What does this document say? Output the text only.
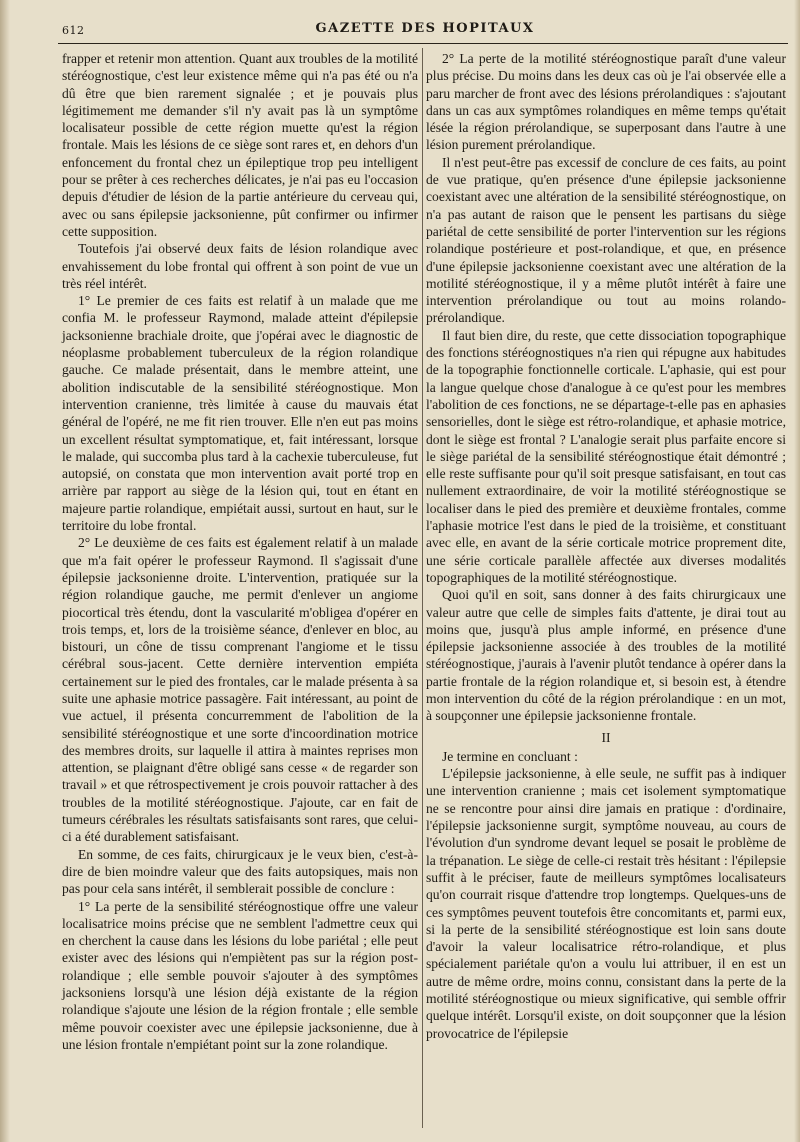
612	GAZETTE DES HOPITAUX

frapper et retenir mon attention. Quant aux troubles de la motilité stéréognostique, c'est leur existence même qui n'a pas été ou n'a dû être que bien rarement signalée ; et je pouvais plus légitimement me demander s'il n'y avait pas là un symptôme localisateur possible de cette région muette qu'est la région frontale. Mais les lésions de ce siège sont rares et, en dehors d'un enfoncement du frontal chez un épileptique trop peu intelligent pour se prêter à ces recherches délicates, je n'ai pas eu l'occasion depuis d'étudier de lésion de la partie antérieure du cerveau qui, avec ou sans épilepsie jacksonienne, pût confirmer ou infirmer cette supposition.

Toutefois j'ai observé deux faits de lésion rolandique avec envahissement du lobe frontal qui offrent à son point de vue un très réel intérêt.

1° Le premier de ces faits est relatif à un malade que me confia M. le professeur Raymond, malade atteint d'épilepsie jacksonienne brachiale droite, que j'opérai avec le diagnostic de néoplasme probablement tuberculeux de la région rolandique gauche. Ce malade présentait, dans le membre atteint, une abolition indiscutable de la sensibilité stéréognostique. Mon intervention cranienne, très limitée à cause du mauvais état général de l'opéré, ne me fit rien trouver. Elle n'en eut pas moins un excellent résultat symptomatique, et, fait intéressant, lorsque le malade, qui succomba plus tard à la cachexie tuberculeuse, fut autopsié, on constata que mon intervention avait porté trop en arrière par rapport au siège de la lésion qui, tout en étant en majeure partie rolandique, empiétait aussi, surtout en haut, sur le territoire du lobe frontal.

2° Le deuxième de ces faits est également relatif à un malade que m'a fait opérer le professeur Raymond. Il s'agissait d'une épilepsie jacksonienne droite. L'intervention, pratiquée sur la région rolandique gauche, me permit d'enlever un angiome piocortical très étendu, dont la vascularité m'obligea d'opérer en trois temps, et, lors de la troisième séance, d'enlever en bloc, au bistouri, un cône de tissu comprenant l'angiome et le tissu cérébral sous-jacent. Cette dernière intervention empiéta certainement sur le pied des frontales, car le malade présenta à sa suite une aphasie motrice passagère. Fait intéressant, au point de vue actuel, il présenta concurremment de l'abolition de la sensibilité stéréognostique et une sorte d'incoordination motrice des membres droits, sur laquelle il attira à maintes reprises mon attention, se plaignant d'être obligé sans cesse « de regarder son travail » et que rétrospectivement je crois pouvoir rattacher à des troubles de la motilité stéréognostique. J'ajoute, car en fait de tumeurs cérébrales les résultats satisfaisants sont rares, que celui-ci a été durablement satisfaisant.

En somme, de ces faits, chirurgicaux je le veux bien, c'est-à-dire de bien moindre valeur que des faits autopsiques, mais non pas pour cela sans intérêt, il semblerait possible de conclure :

1° La perte de la sensibilité stéréognostique offre une valeur localisatrice moins précise que ne semblent l'admettre ceux qui en cherchent la cause dans les lésions du lobe pariétal ; elle peut exister avec des lésions qui n'empiètent pas sur la région post-rolandique ; elle semble pouvoir s'ajouter à des symptômes jacksoniens lorsqu'à une lésion déjà existante de la région rolandique s'ajoute une lésion de la région frontale ; elle semble même pouvoir coexister avec une épilepsie jacksonienne, due à une lésion frontale n'empiétant point sur la zone rolandique.

2° La perte de la motilité stéréognostique paraît d'une valeur plus précise. Du moins dans les deux cas où je l'ai observée elle a paru marcher de front avec des lésions prérolandiques : s'ajoutant dans un cas aux symptômes rolandiques en même temps qu'était lésée la région prérolandique, se superposant dans l'autre à une lésion purement prérolandique.

Il n'est peut-être pas excessif de conclure de ces faits, au point de vue pratique, qu'en présence d'une épilepsie jacksonienne coexistant avec une altération de la sensibilité stéréognostique, on n'a pas autant de raison que le pensent les partisans du siège pariétal de cette sensibilité de porter l'intervention sur les régions rolandique postérieure et post-rolandique, et que, en présence d'une épilepsie jacksonienne coexistant avec une altération de la motilité stéréognostique, il y a même plutôt intérêt à faire une intervention prérolandique ou tout au moins rolando-prérolandique.

Il faut bien dire, du reste, que cette dissociation topographique des fonctions stéréognostiques n'a rien qui répugne aux habitudes de la topographie fonctionnelle corticale. L'aphasie, qui est pour la langue quelque chose d'analogue à ce qu'est pour les membres l'abolition de ces fonctions, ne se départage-t-elle pas en aphasies sensorielles, dont le siège est rétro-rolandique, et aphasie motrice, dont le siège est frontal ? L'analogie serait plus parfaite encore si le siège pariétal de la sensibilité stéréognostique était démontré ; elle reste suffisante pour qu'il soit presque satisfaisant, en tout cas nullement extraordinaire, de voir la motilité stéréognostique se localiser dans le pied des première et deuxième frontales, comme l'aphasie motrice l'est dans le pied de la troisième, et constituant avec elle, en avant de la série corticale motrice proprement dite, une série corticale parallèle affectée aux diverses modalités topographiques de la motilité stéréognostique.

Quoi qu'il en soit, sans donner à des faits chirurgicaux une valeur autre que celle de simples faits d'attente, je dirai tout au moins que, jusqu'à plus ample informé, en présence d'une épilepsie jacksonienne associée à des troubles de la motilité stéréognostique, j'aurais à l'avenir plutôt tendance à opérer dans la partie frontale de la région rolandique et, si besoin est, à étendre mon intervention du côté de la région prérolandique : en un mot, à soupçonner une épilepsie jacksonienne frontale.

II

Je termine en concluant :

L'épilepsie jacksonienne, à elle seule, ne suffit pas à indiquer une intervention cranienne ; mais cet isolement symptomatique ne se rencontre pour ainsi dire jamais en pratique : d'ordinaire, l'épilepsie jacksonienne surgit, symptôme nouveau, au cours de l'évolution d'un syndrome devant lequel se posait le problème de la trépanation. Le siège de celle-ci restait très hésitant : l'épilepsie suffit à le préciser, faute de meilleurs symptômes localisateurs qu'on courrait risque d'attendre trop longtemps. Quelques-uns de ces symptômes peuvent toutefois être concomitants et, parmi eux, si la perte de la sensibilité stéréognostique est loin sans doute d'avoir la valeur localisatrice rétro-rolandique, et plus spécialement pariétale qu'on a voulu lui attribuer, il en est un autre de même ordre, moins connu, consistant dans la perte de la motilité stéréognostique ou mieux significative, qui semble offrir quelque intérêt. Lorsqu'il existe, on doit soupçonner que la lésion provocatrice de l'épilepsie
